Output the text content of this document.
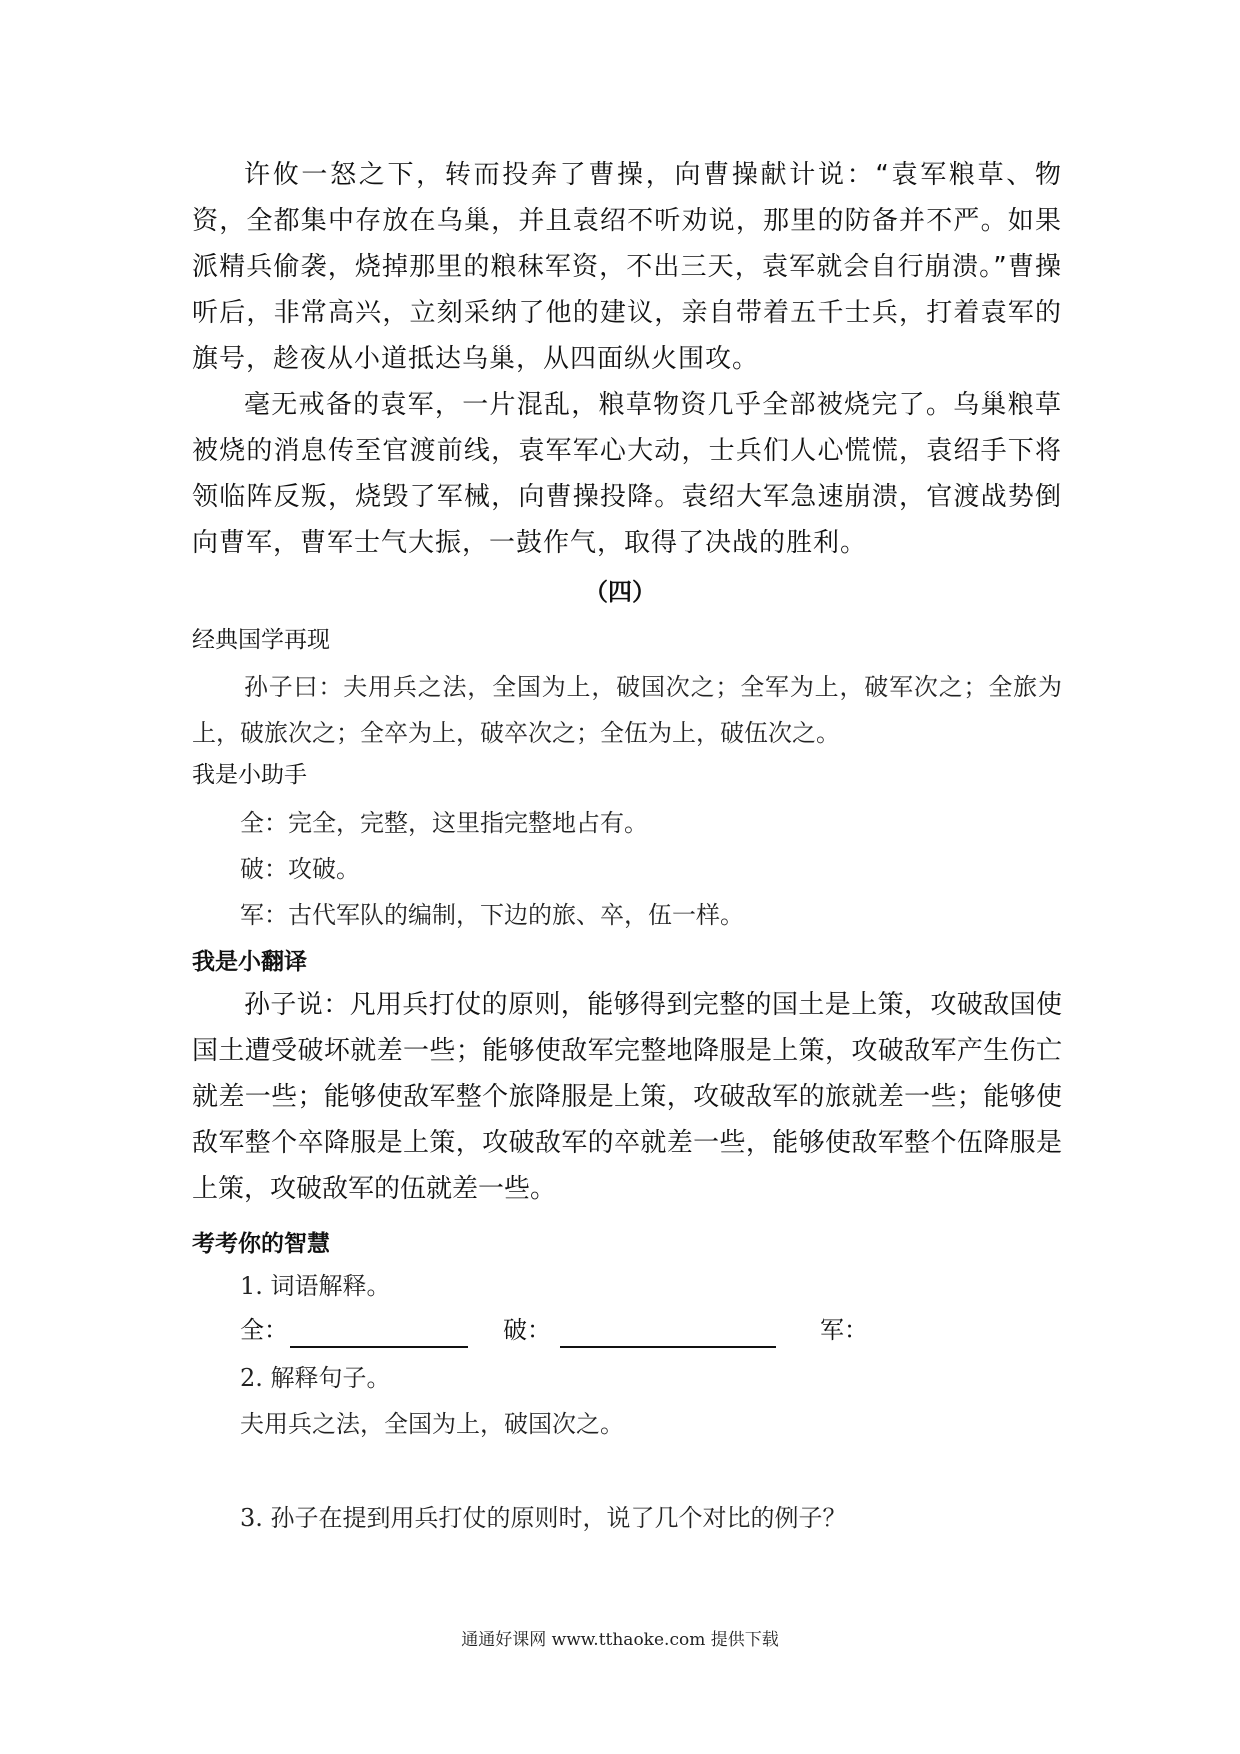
许攸一怒之下，转而投奔了曹操，向曹操献计说：“袁军粮草、物资，全都集中存放在乌巢，并且袁绍不听劝说，那里的防备并不严。如果派精兵偷袭，烧掉那里的粮秣军资，不出三天，袁军就会自行崩溃。”曹操听后，非常高兴，立刻采纳了他的建议，亲自带着五千士兵，打着袁军的旗号，趁夜从小道抵达乌巢，从四面纵火围攻。

毫无戒备的袁军，一片混乱，粮草物资几乎全部被烧完了。乌巢粮草被烧的消息传至官渡前线，袁军军心大动，士兵们人心慌慌，袁绍手下将领临阵反叛，烧毁了军械，向曹操投降。袁绍大军急速崩溃，官渡战势倒向曹军，曹军士气大振，一鼓作气，取得了决战的胜利。

（四）
经典国学再现

孙子曰：夫用兵之法，全国为上，破国次之；全军为上，破军次之；全旅为上，破旅次之；全卒为上，破卒次之；全伍为上，破伍次之。

我是小助手
全：完全，完整，这里指完整地占有。
破：攻破。
军：古代军队的编制，下边的旅、卒，伍一样。
我是小翻译

孙子说：凡用兵打仗的原则，能够得到完整的国土是上策，攻破敌国使国土遭受破坏就差一些；能够使敌军完整地降服是上策，攻破敌军产生伤亡就差一些；能够使敌军整个旅降服是上策，攻破敌军的旅就差一些；能够使敌军整个卒降服是上策，攻破敌军的卒就差一些，能够使敌军整个伍降服是上策，攻破敌军的伍就差一些。

考考你的智慧
1. 词语解释。
全：	破：	军：
2. 解释句子。
夫用兵之法，全国为上，破国次之。
3. 孙子在提到用兵打仗的原则时，说了几个对比的例子？
通通好课网 www.tthaoke.com 提供下载
